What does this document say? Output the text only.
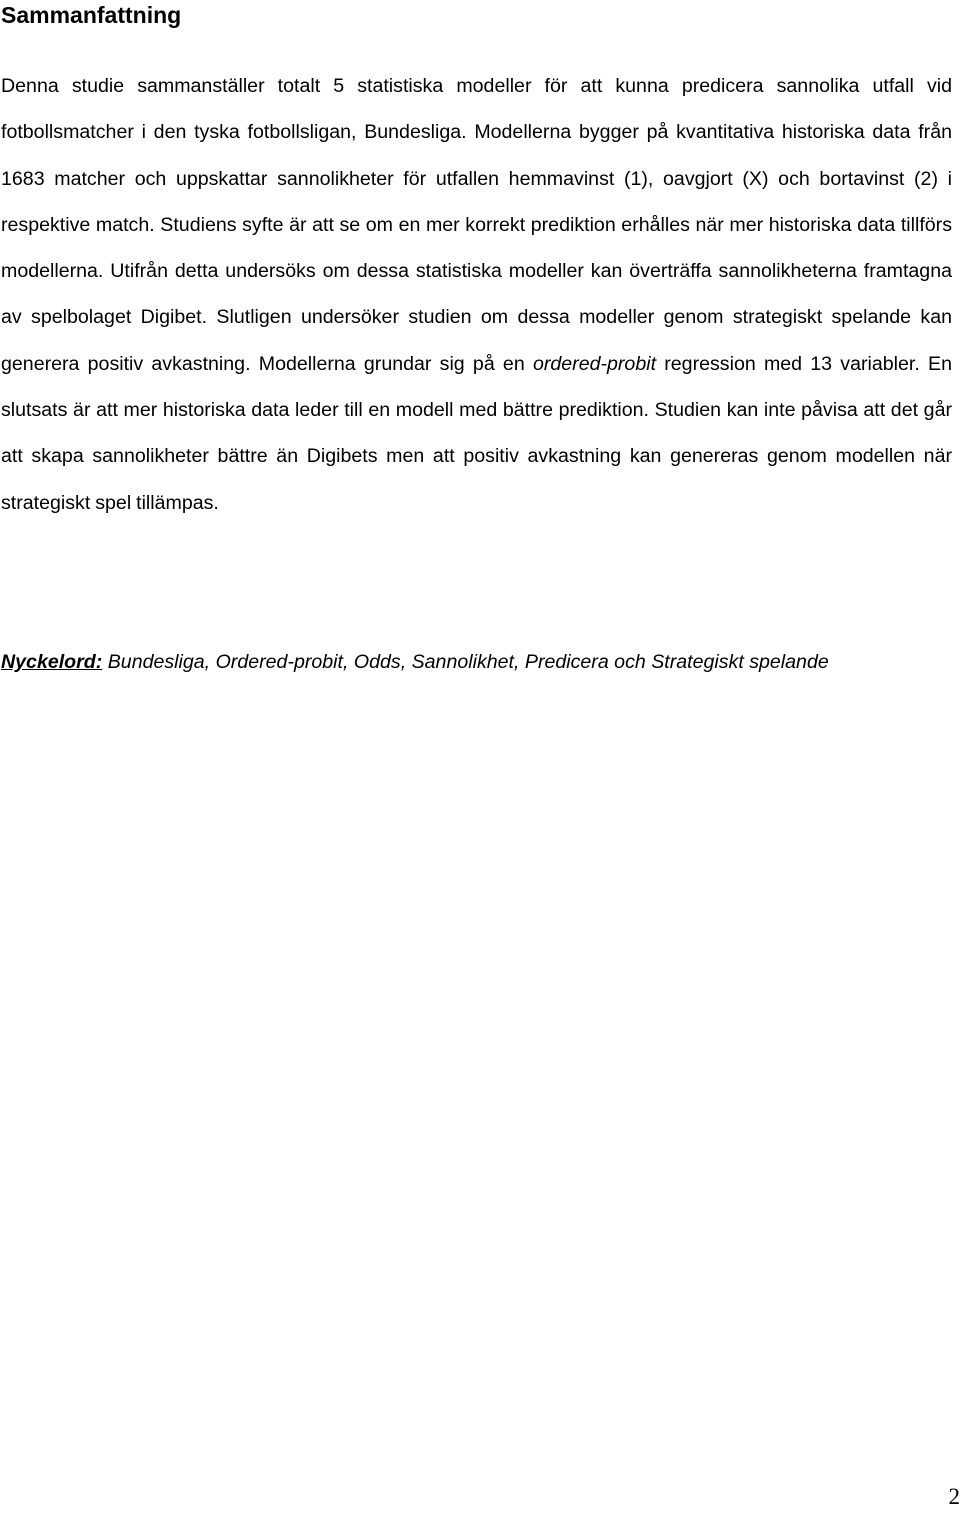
Sammanfattning

Denna studie sammanställer totalt 5 statistiska modeller för att kunna predicera sannolika utfall vid fotbollsmatcher i den tyska fotbollsligan, Bundesliga. Modellerna bygger på kvantitativa historiska data från 1683 matcher och uppskattar sannolikheter för utfallen hemmavinst (1), oavgjort (X) och bortavinst (2) i respektive match. Studiens syfte är att se om en mer korrekt prediktion erhålles när mer historiska data tillförs modellerna. Utifrån detta undersöks om dessa statistiska modeller kan överträffa sannolikheterna framtagna av spelbolaget Digibet. Slutligen undersöker studien om dessa modeller genom strategiskt spelande kan generera positiv avkastning. Modellerna grundar sig på en ordered-probit regression med 13 variabler. En slutsats är att mer historiska data leder till en modell med bättre prediktion. Studien kan inte påvisa att det går att skapa sannolikheter bättre än Digibets men att positiv avkastning kan genereras genom modellen när strategiskt spel tillämpas.

Nyckelord: Bundesliga, Ordered-probit, Odds, Sannolikhet, Predicera och Strategiskt spelande

2
